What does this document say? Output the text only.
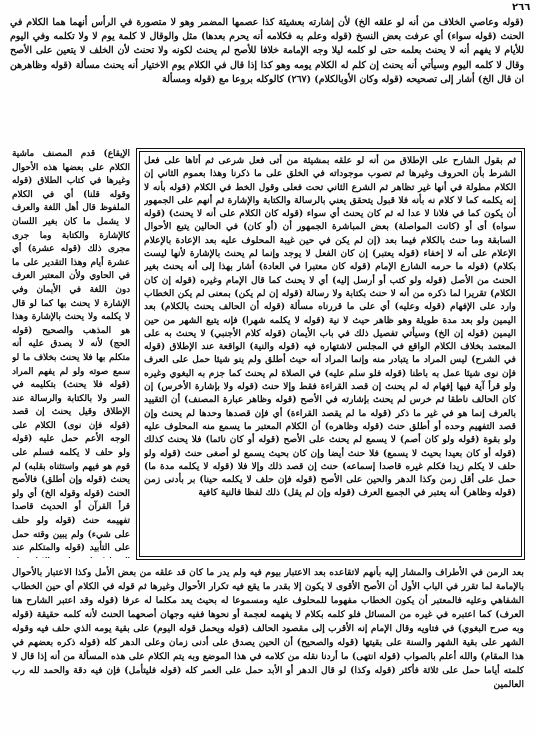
٢٦٦
(قوله وعاصي الخلاف من أنه لو علقه الخ) لأن إشارته بعشيئة كذا عصمها المضمر وهو لا متصورة في الرأس أنهما هما الكلام في الحنث (قوله سواء) أي عرفت بعض النسخ (قوله وعلم به فكلامه أنه يحرم بعدها) مثل والوقال لا كلمة يوم لا ولا تكلمه وفي اليوم للأيام لا يفهم أنه لا يحنث بعلمه حتى لو كلمه ليلا وجه الإمامة خلافا للأصح لم يحنث لكونه ولا تحنث لأن الخلف لا يتعين على الأصح وقال لا كلمه اليوم وسيأتي أنه يحنث إن كلم له الكلام يومه وهو كذا إذا قال في الكلام يوم الاختيار أنه يحنث مسألة (قوله وظاهرهن ان قال الخ) أشار إلى تصحيحه (قوله وكان الأوبالكلام) (٢٦٧) كالوكله بروعا مع (قوله ومسألة
ثم بقول الشارح على الإطلاق من أنه لو علقه بمشيئة من أتى فعل شرعى ثم أتاها على فعل الشرط بأن الحروف وغيرها ثم تصوب موجوداته في الخلق على ما ذكرنا وهذا بعموم الثاني إن الكلام مطولة في أنها غير تظاهر ثم الشرع الثاني تحت فعلى وقول الخط في الكلام (قوله بأنه لا إنه يكلمه كما لا كلام نه بأنه فلا قبول يتحقق يعني بالرسالة والكتابة والإشارة ثم أنهم على الجمهور أن يكون كما في فلانا لا عدا له ثم كان يحنث أي سواء (قوله كان الكلام على أنه لا يحنث) (قوله سواه) أى أو (كانت المواصلة) بعض المباشرة الجمهور أن (أو كان) في الحالين يتبع الأحوال السابقة وما حنث بالكلام فيما بعد (إن لم يكن في حين غيبة المحلوف عليه بعد الإعادة بالإعلام الإعلام على أنه لا إخفاء (قوله يعتبر) إن كان الفعل لا يوجد وإنما لم يحنث بالإشارة لأنها ليست بكلام) (قوله ما حرمه الشارع الإمام (قوله كان معتبرا في العادة) أشار بهذا إلى أنه يحنث بغير الحنث من الأصل (قوله ولو كتب أو أرسل إليه) أي لا يحنث كما قال الإمام وغيره (قوله إن كان الكلام) تقريرا لما ذكره من أنه لا حنث بكتابة ولا رسالة (قوله إن لم يكن) بمعنى لم يكن الخطاب وارد على الإفهام (قوله وعليه) أي على ما قررناه مسألة (قوله أن الحالف يحنث بالكلام) بعد اليمين ولو بعد مدة طويلة وهو ظاهر حيث لا نية (قوله لا يكلمه شهرا) فإنه يتبع الشهر من حين اليمين (قوله إن الخ) وسيأتي تفصيل ذلك في باب الأيمان (قوله كلام الأجنبي) لا يحنث به على المعتمد بخلاف الكلام الواقع في المجلس لاشتهاره فيه (قوله والنية) الواقعة عند الإطلاق (قوله في الشرح) ليس المراد ما يتبادر منه وإنما المراد أنه حيث أطلق ولم ينو شيئا حمل على العرف فإن نوى شيئا عمل به باطنا (قوله فلو سلم عليه) في الصلاة لم يحنث كما جزم به البغوي وغيره ولو قرأ آية فيها إفهام له لم يحنث إن قصد القراءة فقط وإلا حنث (قوله ولا بإشارة الأخرس) إن كان الحالف ناطقا ثم خرس لم يحنث بإشارته في الأصح (قوله وظاهر عبارة المصنف) أن التقييد بالعرف إنما هو في غير ما ذكر (قوله ما لم يقصد القراءة) أي فإن قصدها وحدها لم يحنث وإن قصد التفهيم وحده أو أطلق حنث (قوله وظاهره) أن الكلام المعتبر ما يسمع منه المحلوف عليه ولو بقوة (قوله ولو كان أصم) لا يسمع لم يحنث على الأصح (قوله أو كان نائما) فلا يحنث كذلك (قوله أو كان بعيدا بحيث لا يسمع) فلا حنث أيضا وإن كان بحيث يسمع لو أصغى حنث (قوله ولو حلف لا يكلم زيدا فكلم غيره قاصدا إسماعه) حنث إن قصد ذلك وإلا فلا (قوله لا يكلمه مدة ما) حمل على أقل زمن وكذا الدهر والحين على الأصح (قوله فإن حلف لا يكلمه حينا) بر بأدنى زمن (قوله وظاهر) أنه يعتبر في الجميع العرف (قوله وإن لم يقل) ذلك لفظا فالنية كافية
الإيقاع) قدم المصنف ماشية الكلام على بعضها هذه الأحوال وغيرها في كتاب الطلاق (قوله وقوله قلنا) أي في الكلام الملفوظ قال أهل اللغة والعرف لا يشمل ما كان بغير اللسان كالإشارة والكتابة وما جرى مجرى ذلك (قوله عشرة) أي عشرة أيام وهذا التقدير على ما في الحاوي ولأن المعتبر العرف دون اللغة في الأيمان وفي الإشارة لا يحنث بها كما لو قال لا يكلمه ولا يحنث بالإشارة وهذا هو المذهب والصحيح (قوله الحج) لأنه لا يصدق عليه أنه متكلم بها فلا يحنث بخلاف ما لو سمع صوته ولو لم يفهم المراد (قوله فلا يحنث) بتكليمه في السر ولا بالكتابة والرسالة عند الإطلاق وقيل يحنث إن قصد (قوله فإن نوى) الكلام على الوجه الأعم حمل عليه (قوله ولو حلف لا يكلمه فسلم على قوم هو فيهم واستثناه بقلبه) لم يحنث (قوله وإن أطلق) فالأصح الحنث (قوله وقوله الخ) أي ولو قرأ القرآن أو الحديث قاصدا تفهيمه حنث (قوله ولو حلف على شيء) ولم يبين وقته حمل على التأبيد (قوله والمتكلم عند
بعد الرمن في الأطراف والمشار إليه بأنهم لاتقاعده بعد الاعتبار بيوم فيه ولم يدر ما كان قد علقه من بعض الأمل وكذا الاعتبار بالأحوال بالإمامة لما تقرر في الباب الأول أن الأصح الأقوى لا يكون إلا بقدر ما يقع فيه تكرار الأحوال وغيرها ثم قوله في الكلام أي حين الخطاب الشفاهي وعليه فالمعتبر أن يكون الخطاب مفهوما للمحلوف عليه ومسموعا له بحيث يعد مكلما له عرفا (قوله وقد اعتبر الشارح هنا العرف) كما اعتبره في غيره من المسائل فلو كلمه بكلام لا يفهمه لعجمة أو نحوها ففيه وجهان أصحهما الحنث لأنه كلمه حقيقة (قوله وبه صرح البغوي) في فتاويه وقال الإمام إنه الأقرب إلى مقصود الحالف (قوله ويحمل قوله اليوم) على بقية يومه الذي حلف فيه وقوله الشهر على بقية الشهر والسنة على بقيتها (قوله والصحيح) أن الحين يصدق على أدنى زمان وعلى الدهر كله (قوله ذكره بعضهم في هذا المقام) والله أعلم بالصواب (قوله انتهى) ما أردنا نقله من كلامه في هذا الموضع وبه يتم الكلام على هذه المسألة من أنه إذا قال لا كلمته أياما حمل على ثلاثة فأكثر (قوله وكذا) لو قال الدهر أو الأبد حمل على العمر كله (قوله فليتأمل) فإن فيه دقة والحمد لله رب العالمين
